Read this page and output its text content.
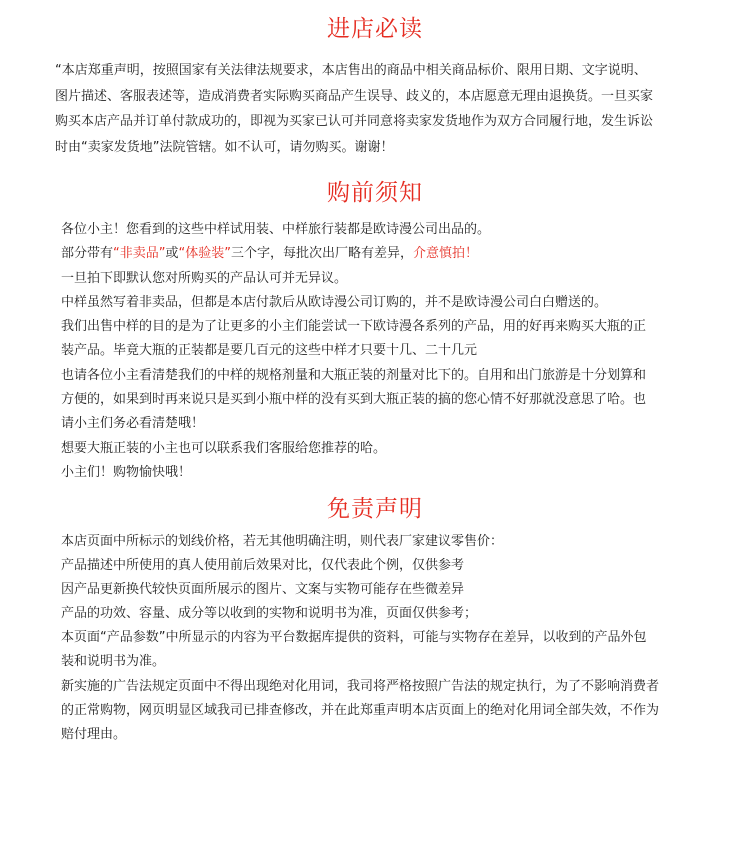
进店必读

“本店郑重声明，按照国家有关法律法规要求，本店售出的商品中相关商品标价、限用日期、文字说明、

图片描述、客服表述等，造成消费者实际购买商品产生误导、歧义的，本店愿意无理由退换货。一旦买家

购买本店产品并订单付款成功的，即视为买家已认可并同意将卖家发货地作为双方合同履行地，发生诉讼

时由“卖家发货地”法院管辖。如不认可，请勿购买。谢谢！

购前须知

各位小主！您看到的这些中样试用装、中样旅行装都是欧诗漫公司出品的。

部分带有“非卖品”或“体验装”三个字，每批次出厂略有差异，介意慎拍！

一旦拍下即默认您对所购买的产品认可并无异议。

中样虽然写着非卖品，但都是本店付款后从欧诗漫公司订购的，并不是欧诗漫公司白白赠送的。

我们出售中样的目的是为了让更多的小主们能尝试一下欧诗漫各系列的产品，用的好再来购买大瓶的正

装产品。毕竟大瓶的正装都是要几百元的这些中样才只要十几、二十几元

也请各位小主看清楚我们的中样的规格剂量和大瓶正装的剂量对比下的。自用和出门旅游是十分划算和

方便的，如果到时再来说只是买到小瓶中样的没有买到大瓶正装的搞的您心情不好那就没意思了哈。也

请小主们务必看清楚哦！

想要大瓶正装的小主也可以联系我们客服给您推荐的哈。

小主们！购物愉快哦！

免责声明

本店页面中所标示的划线价格，若无其他明确注明，则代表厂家建议零售价：

产品描述中所使用的真人使用前后效果对比，仅代表此个例，仅供参考

因产品更新换代较快页面所展示的图片、文案与实物可能存在些微差异

产品的功效、容量、成分等以收到的实物和说明书为准，页面仅供参考；

本页面“产品参数”中所显示的内容为平台数据库提供的资料，可能与实物存在差异，以收到的产品外包

装和说明书为准。

新实施的广告法规定页面中不得出现绝对化用词，我司将严格按照广告法的规定执行，为了不影响消费者

的正常购物，网页明显区域我司已排查修改，并在此郑重声明本店页面上的绝对化用词全部失效，不作为

赔付理由。
